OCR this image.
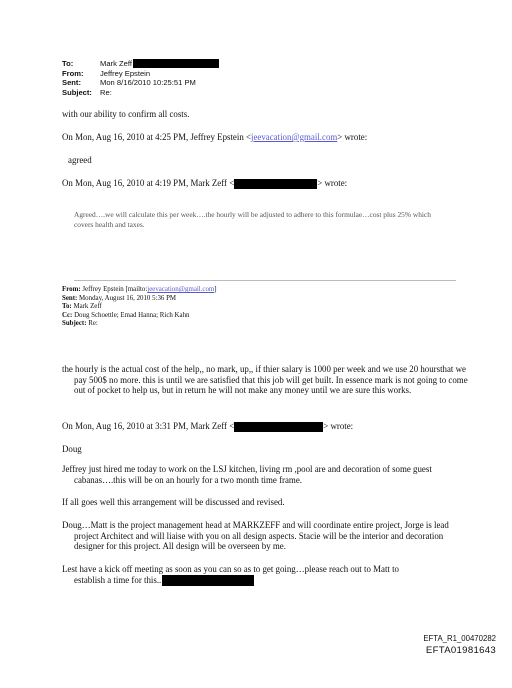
To:	Mark Zeff
From:	Jeffrey Epstein
Sent:	Mon 8/16/2010 10:25:51 PM
Subject:	Re:
with our ability to confirm all costs.
On Mon, Aug 16, 2010 at 4:25 PM, Jeffrey Epstein <jeevacation@gmail.com> wrote:
agreed
On Mon, Aug 16, 2010 at 4:19 PM, Mark Zeff <	> wrote:
Agreed….we will calculate this per week….the hourly will be adjusted to adhere to this formulae…cost plus 25% which covers health and taxes.
From: Jeffrey Epstein [mailto:jeevacation@gmail.com]
Sent: Monday, August 16, 2010 5:36 PM
To: Mark Zeff
Cc: Doug Schoettle; Emad Hanna; Rich Kahn
Subject: Re:
the hourly is the actual cost of the help,, no mark, up,, if thier salary is 1000 per week and we use 20 hoursthat we pay 500$ no more. this is until we are satisfied that this job will get built. In essence mark is not going to come out of pocket to help us, but in return he will not make any money until we are sure this works.
On Mon, Aug 16, 2010 at 3:31 PM, Mark Zeff <	> wrote:
Doug
Jeffrey just hired me today to work on the LSJ kitchen, living rm ,pool are and decoration of some guest cabanas….this will be on an hourly for a two month time frame.
If all goes well this arrangement will be discussed and revised.
Doug…Matt is the project management head at MARKZEFF and will coordinate entire project, Jorge is lead project Architect and will liaise with you on all design aspects. Stacie will be the interior and decoration designer for this project. All design will be overseen by me.
Lest have a kick off meeting as soon as you can so as to get going…please reach out to Matt to
establish a time for this..
EFTA_R1_00470282
EFTA01981643
